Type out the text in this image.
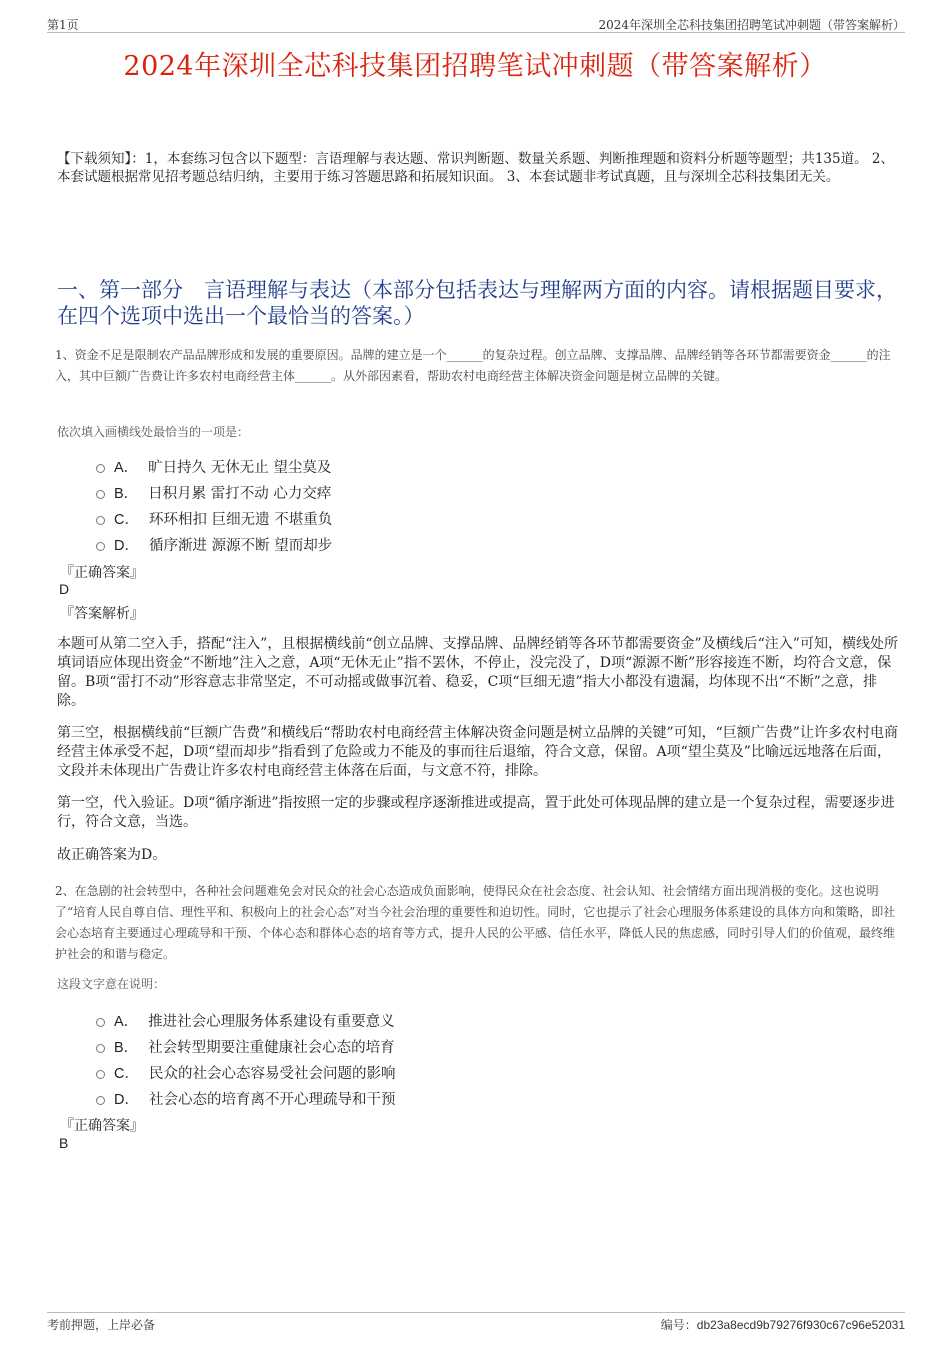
第1页	2024年深圳全芯科技集团招聘笔试冲刺题（带答案解析）
2024年深圳全芯科技集团招聘笔试冲刺题（带答案解析）
【下载须知】：1，本套练习包含以下题型：言语理解与表达题、常识判断题、数量关系题、判断推理题和资料分析题等题型；共135道。 2、本套试题根据常见招考题总结归纳，主要用于练习答题思路和拓展知识面。 3、本套试题非考试真题，且与深圳全芯科技集团无关。
一、第一部分　言语理解与表达（本部分包括表达与理解两方面的内容。请根据题目要求，在四个选项中选出一个最恰当的答案。）
1、资金不足是限制农产品品牌形成和发展的重要原因。品牌的建立是一个______的复杂过程。创立品牌、支撑品牌、品牌经销等各环节都需要资金______的注入，其中巨额广告费让许多农村电商经营主体______。从外部因素看，帮助农村电商经营主体解决资金问题是树立品牌的关键。
依次填入画横线处最恰当的一项是：
A． 旷日持久 无休无止 望尘莫及
B． 日积月累 雷打不动 心力交瘁
C． 环环相扣 巨细无遗 不堪重负
D． 循序渐进 源源不断 望而却步
『正确答案』
D
『答案解析』
本题可从第二空入手，搭配“注入”，且根据横线前“创立品牌、支撑品牌、品牌经销等各环节都需要资金”及横线后“注入”可知，横线处所填词语应体现出资金“不断地”注入之意，A项“无休无止”指不罢休，不停止，没完没了，D项“源源不断”形容接连不断，均符合文意，保留。B项“雷打不动”形容意志非常坚定，不可动摇或做事沉着、稳妥，C项“巨细无遗”指大小都没有遗漏，均体现不出“不断”之意，排除。
第三空，根据横线前“巨额广告费”和横线后“帮助农村电商经营主体解决资金问题是树立品牌的关键”可知，“巨额广告费”让许多农村电商经营主体承受不起，D项“望而却步”指看到了危险或力不能及的事而往后退缩，符合文意，保留。A项“望尘莫及”比喻远远地落在后面，文段并未体现出广告费让许多农村电商经营主体落在后面，与文意不符，排除。
第一空，代入验证。D项“循序渐进”指按照一定的步骤或程序逐渐推进或提高，置于此处可体现品牌的建立是一个复杂过程，需要逐步进行，符合文意，当选。
故正确答案为D。
2、在急剧的社会转型中，各种社会问题难免会对民众的社会心态造成负面影响，使得民众在社会态度、社会认知、社会情绪方面出现消极的变化。这也说明了“培育人民自尊自信、理性平和、积极向上的社会心态”对当今社会治理的重要性和迫切性。同时，它也提示了社会心理服务体系建设的具体方向和策略，即社会心态培育主要通过心理疏导和干预、个体心态和群体心态的培育等方式，提升人民的公平感、信任水平，降低人民的焦虑感，同时引导人们的价值观，最终维护社会的和谐与稳定。
这段文字意在说明：
A． 推进社会心理服务体系建设有重要意义
B． 社会转型期要注重健康社会心态的培育
C． 民众的社会心态容易受社会问题的影响
D． 社会心态的培育离不开心理疏导和干预
『正确答案』
B
考前押题，上岸必备	编号：db23a8ecd9b79276f930c67c96e52031
